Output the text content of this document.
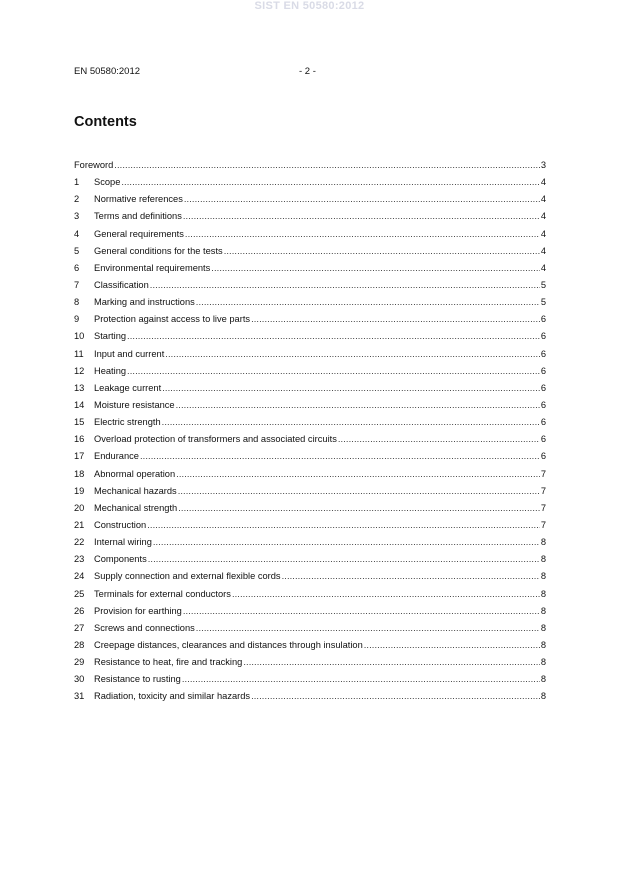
SIST EN 50580:2012
EN 50580:2012	- 2 -
Contents
Foreword .....	3
1	Scope .....	4
2	Normative references .....	4
3	Terms and definitions .....	4
4	General requirements .....	4
5	General conditions for the tests .....	4
6	Environmental requirements .....	4
7	Classification .....	5
8	Marking and instructions .....	5
9	Protection against access to live parts .....	6
10	Starting .....	6
11	Input and current .....	6
12	Heating .....	6
13	Leakage current .....	6
14	Moisture resistance .....	6
15	Electric strength .....	6
16	Overload protection of transformers and associated circuits .....	6
17	Endurance .....	6
18	Abnormal operation .....	7
19	Mechanical hazards .....	7
20	Mechanical strength .....	7
21	Construction .....	7
22	Internal wiring .....	8
23	Components .....	8
24	Supply connection and external flexible cords .....	8
25	Terminals for external conductors .....	8
26	Provision for earthing .....	8
27	Screws and connections .....	8
28	Creepage distances, clearances and distances through insulation .....	8
29	Resistance to heat, fire and tracking .....	8
30	Resistance to rusting .....	8
31	Radiation, toxicity and similar hazards .....	8
